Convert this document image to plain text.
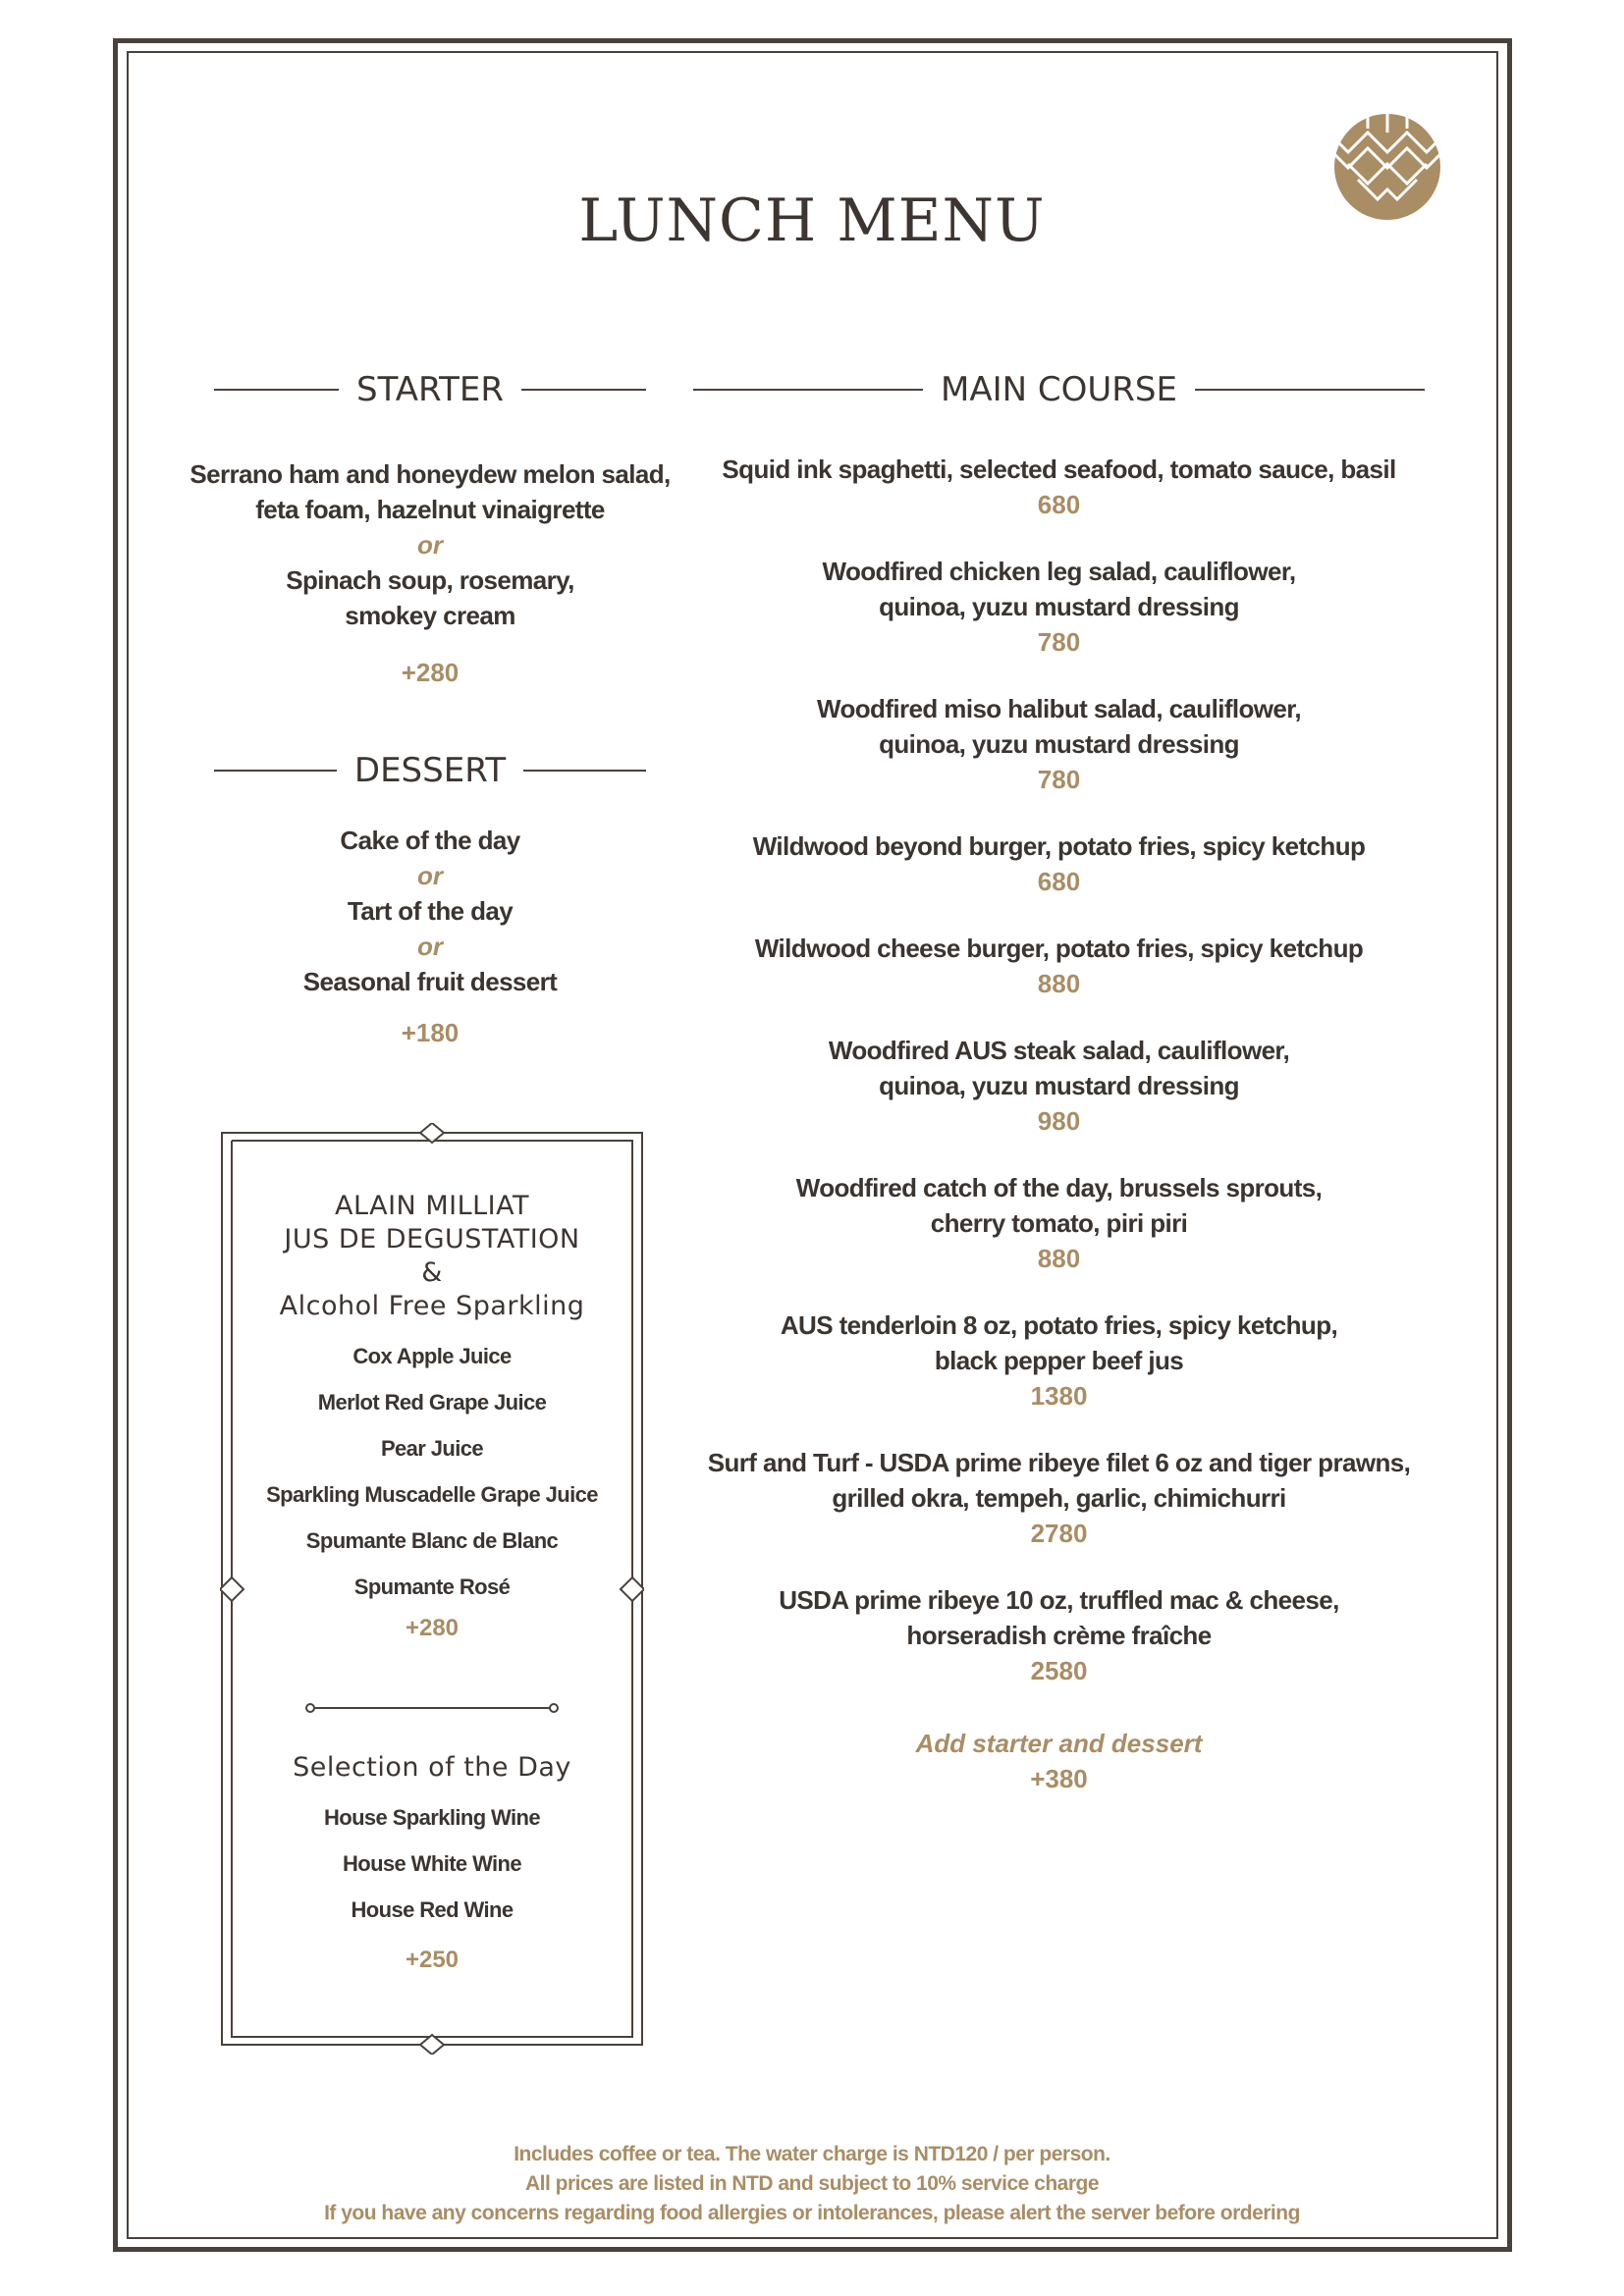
LUNCH MENU
STARTER	MAIN COURSE
Serrano ham and honeydew melon salad,
feta foam, hazelnut vinaigrette
or
Spinach soup, rosemary,
smokey cream
+280
DESSERT
Cake of the day
or
Tart of the day
or
Seasonal fruit dessert
+180
Squid ink spaghetti, selected seafood, tomato sauce, basil
680
Woodfired chicken leg salad, cauliflower,
quinoa, yuzu mustard dressing
780
Woodfired miso halibut salad, cauliflower,
quinoa, yuzu mustard dressing
780
Wildwood beyond burger, potato fries, spicy ketchup
680
Wildwood cheese burger, potato fries, spicy ketchup
880
Woodfired AUS steak salad, cauliflower,
quinoa, yuzu mustard dressing
980
Woodfired catch of the day, brussels sprouts,
cherry tomato, piri piri
880
AUS tenderloin 8 oz, potato fries, spicy ketchup,
black pepper beef jus
1380
Surf and Turf - USDA prime ribeye filet 6 oz and tiger prawns,
grilled okra, tempeh, garlic, chimichurri
2780
USDA prime ribeye 10 oz, truffled mac & cheese,
horseradish crème fraîche
2580
Add starter and dessert
+380
ALAIN MILLIAT
JUS DE DEGUSTATION
&
Alcohol Free Sparkling
Cox Apple Juice
Merlot Red Grape Juice
Pear Juice
Sparkling Muscadelle Grape Juice
Spumante Blanc de Blanc
Spumante Rosé
+280
Selection of the Day
House Sparkling Wine
House White Wine
House Red Wine
+250
Includes coffee or tea. The water charge is NTD120 / per person.
All prices are listed in NTD and subject to 10% service charge
If you have any concerns regarding food allergies or intolerances, please alert the server before ordering
